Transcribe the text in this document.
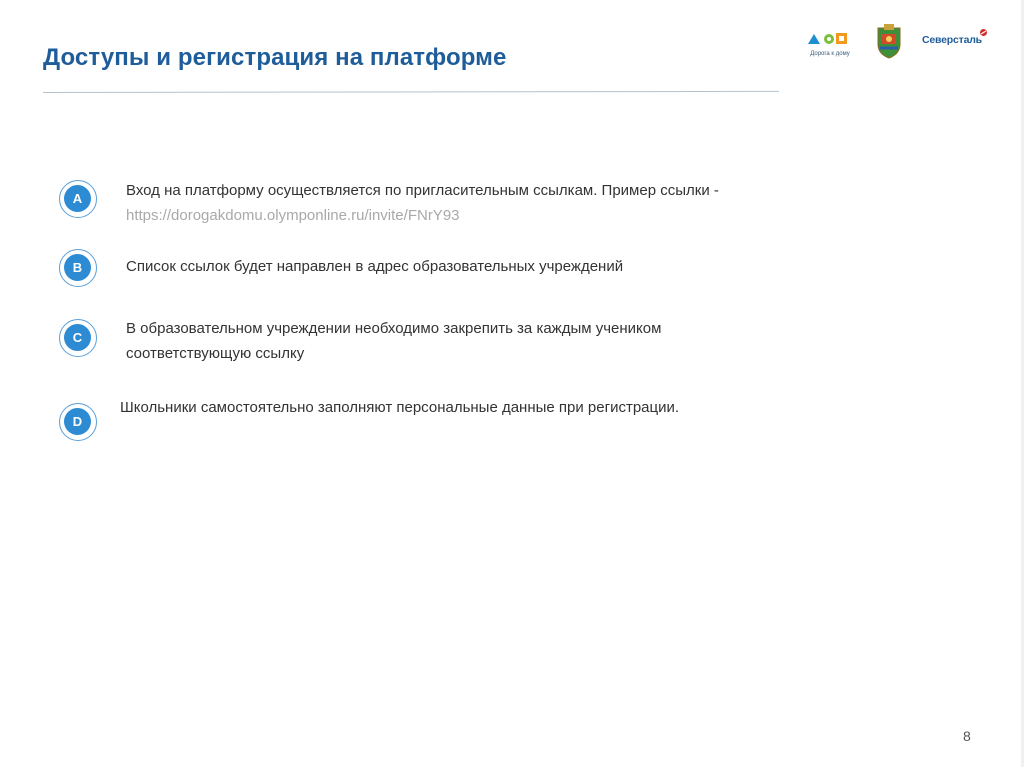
Доступы и регистрация на платформе	Дорога к дому
Северсталь
A	Вход на платформу осуществляется по пригласительным ссылкам. Пример ссылки -
https://dorogakdomu.olymponline.ru/invite/FNrY93
B	Список ссылок будет направлен в адрес образовательных учреждений
C
В образовательном учреждении необходимо закрепить за каждым учеником
соответствующую ссылку
D
Школьники самостоятельно заполняют персональные данные при регистрации.
8
